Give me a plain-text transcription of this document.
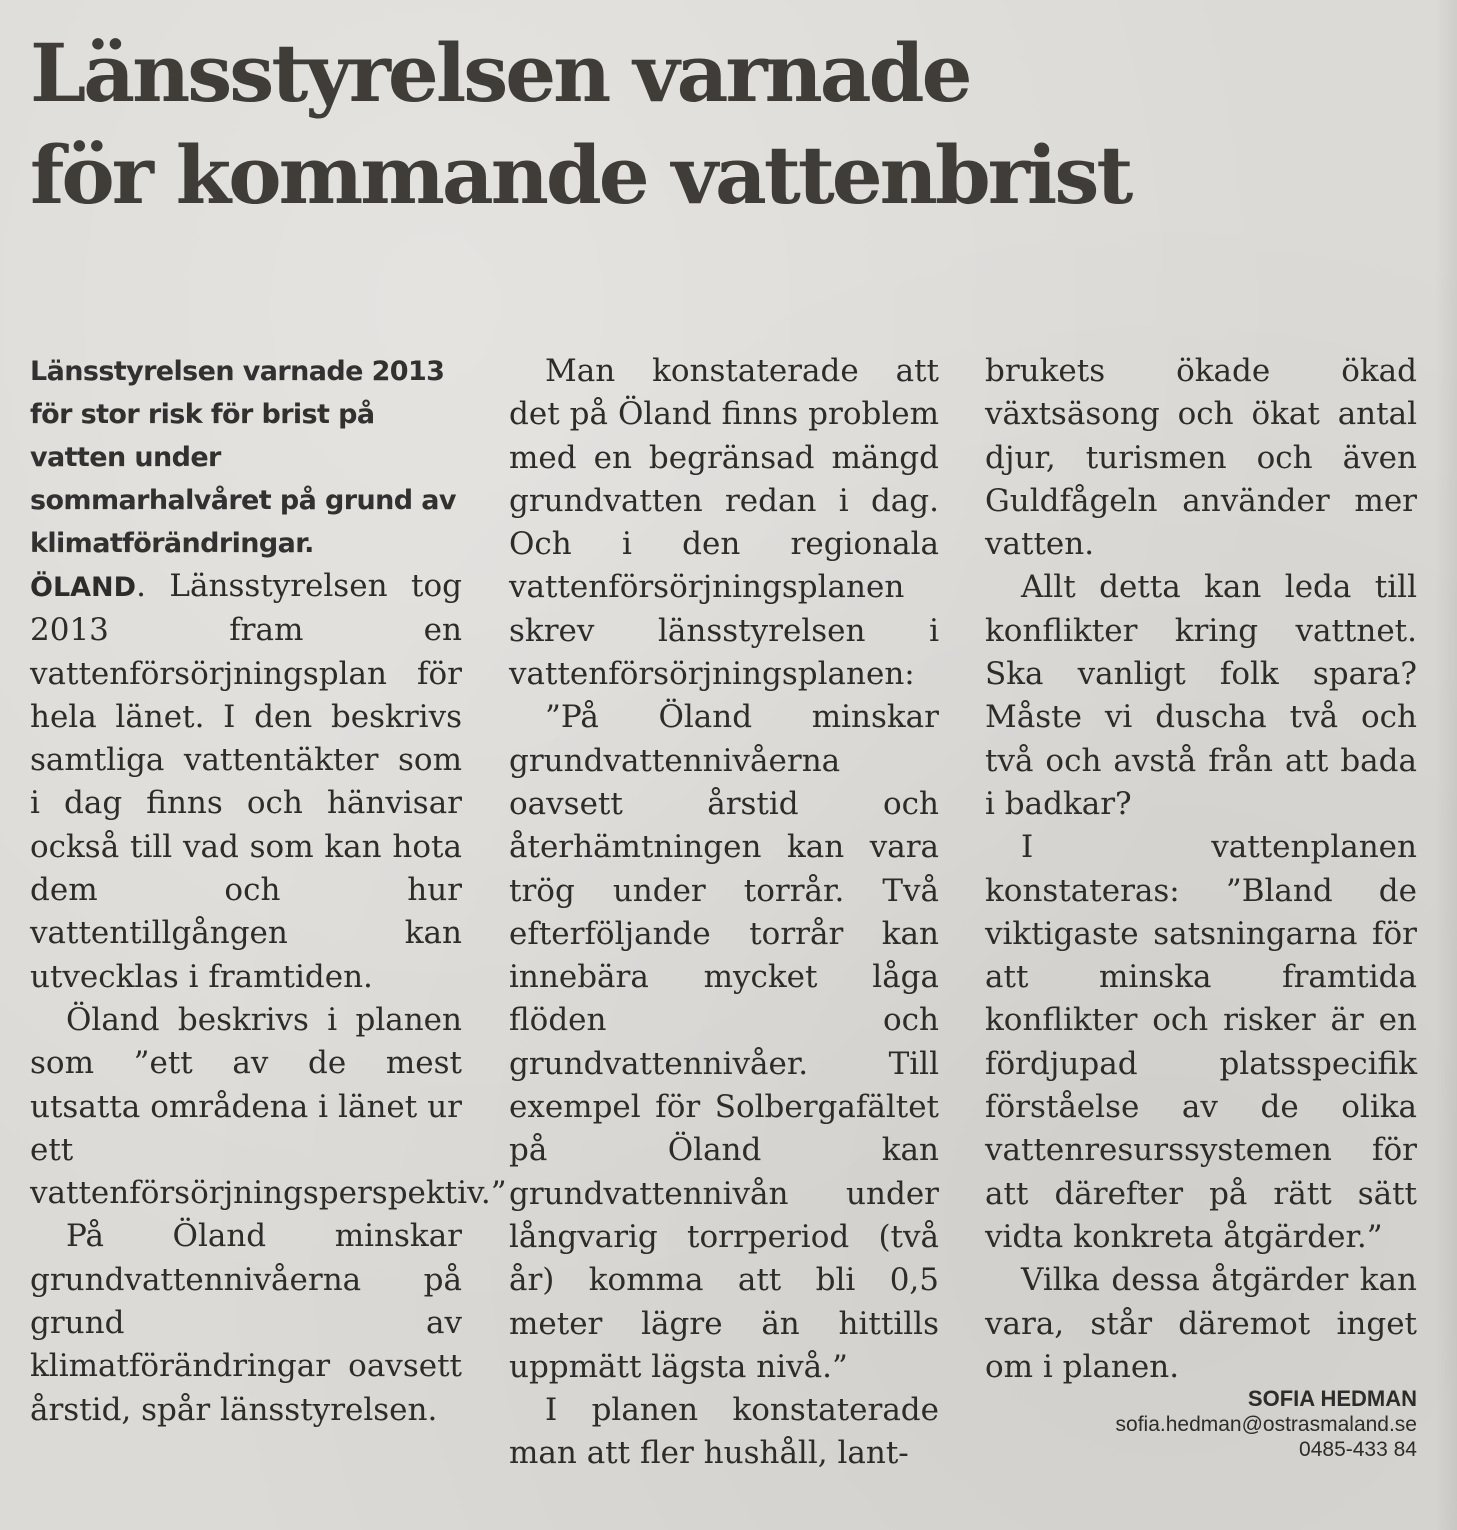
Länsstyrelsen varnade
för kommande vattenbrist

Länsstyrelsen varnade 2013 för stor risk för brist på vatten under sommarhalvåret på grund av klimatförändringar.

ÖLAND. Länsstyrelsen tog 2013 fram en vattenförsörjningsplan för hela länet. I den beskrivs samtliga vattentäkter som i dag finns och hänvisar också till vad som kan hota dem och hur vattentillgången kan utvecklas i framtiden.

Öland beskrivs i planen som ”ett av de mest utsatta områdena i länet ur ett vattenförsörjningsperspektiv.”

På Öland minskar grundvattennivåerna på grund av klimatförändringar oavsett årstid, spår länsstyrelsen.

Man konstaterade att det på Öland finns problem med en begränsad mängd grundvatten redan i dag. Och i den regionala vattenförsörjningsplanen skrev länsstyrelsen i vattenförsörjningsplanen:

”På Öland minskar grundvattennivåerna oavsett årstid och återhämtningen kan vara trög under torrår. Två efterföljande torrår kan innebära mycket låga flöden och grundvattennivåer. Till exempel för Solbergafältet på Öland kan grundvattennivån under långvarig torrperiod (två år) komma att bli 0,5 meter lägre än hittills uppmätt lägsta nivå.”

I planen konstaterade man att fler hushåll, lant-

brukets ökade ökad växtsäsong och ökat antal djur, turismen och även Guldfågeln använder mer vatten.

Allt detta kan leda till konflikter kring vattnet. Ska vanligt folk spara? Måste vi duscha två och två och avstå från att bada i badkar?

I vattenplanen konstateras: ”Bland de viktigaste satsningarna för att minska framtida konflikter och risker är en fördjupad platsspecifik förståelse av de olika vattenresurssystemen för att därefter på rätt sätt vidta konkreta åtgärder.”

Vilka dessa åtgärder kan vara, står däremot inget om i planen.

SOFIA HEDMAN
sofia.hedman@ostrasmaland.se
0485-433 84
